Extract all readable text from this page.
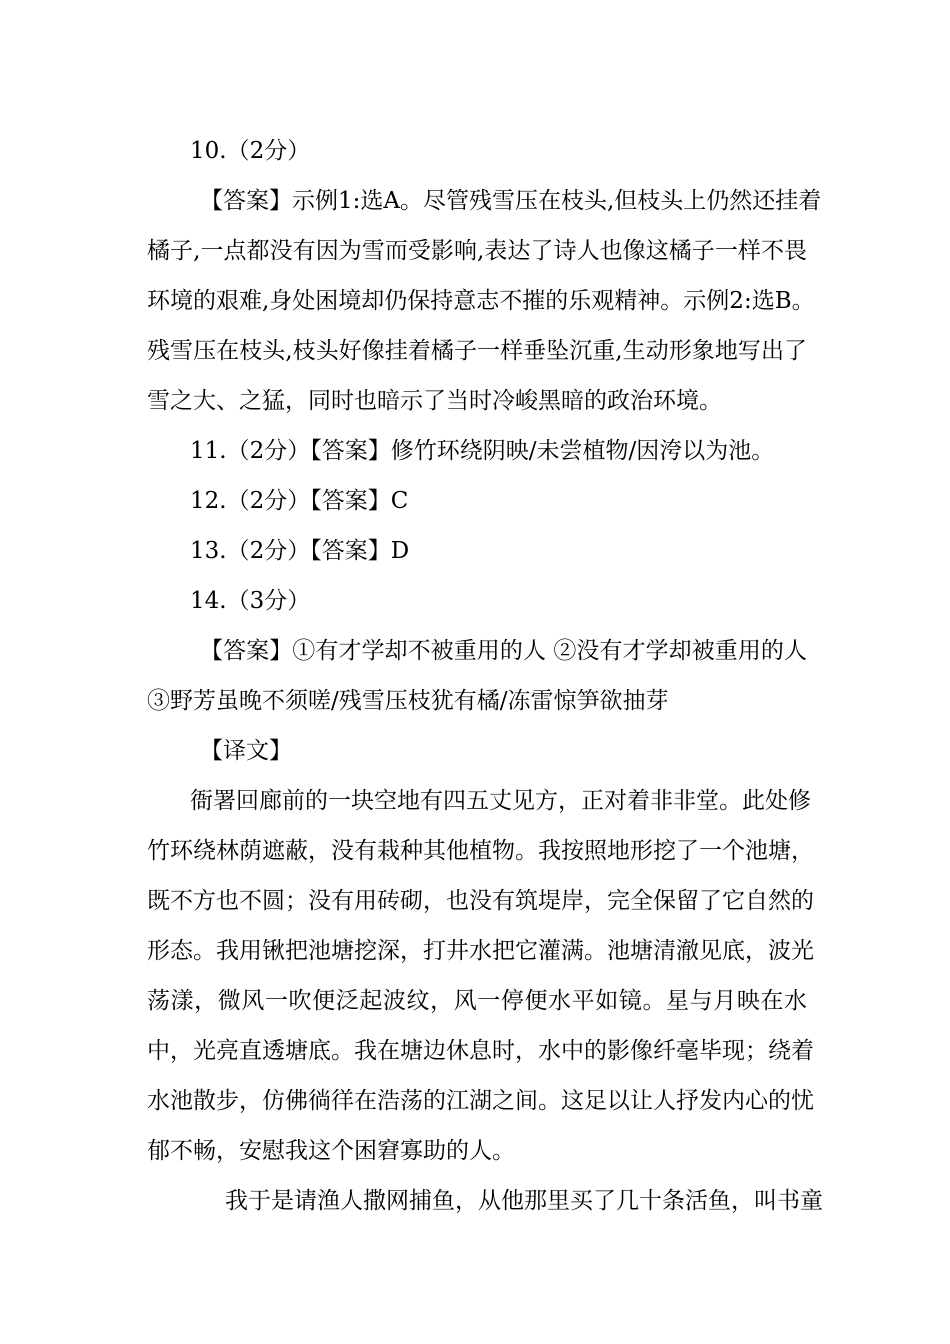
10.（2分）
【答案】示例1:选A。尽管残雪压在枝头,但枝头上仍然还挂着
橘子,一点都没有因为雪而受影响,表达了诗人也像这橘子一样不畏
环境的艰难,身处困境却仍保持意志不摧的乐观精神。示例2:选B。
残雪压在枝头,枝头好像挂着橘子一样垂坠沉重,生动形象地写出了
雪之大、之猛，同时也暗示了当时冷峻黑暗的政治环境。
11.（2分）【答案】修竹环绕阴映/未尝植物/因洿以为池。
12.（2分）【答案】C
13.（2分）【答案】D
14.（3分）
【答案】①有才学却不被重用的人 ②没有才学却被重用的人
③野芳虽晚不须嗟/残雪压枝犹有橘/冻雷惊笋欲抽芽
【译文】
衙署回廊前的一块空地有四五丈见方，正对着非非堂。此处修
竹环绕林荫遮蔽，没有栽种其他植物。我按照地形挖了一个池塘，
既不方也不圆；没有用砖砌，也没有筑堤岸，完全保留了它自然的
形态。我用锹把池塘挖深，打井水把它灌满。池塘清澈见底，波光
荡漾，微风一吹便泛起波纹，风一停便水平如镜。星与月映在水
中，光亮直透塘底。我在塘边休息时，水中的影像纤毫毕现；绕着
水池散步，仿佛徜徉在浩荡的江湖之间。这足以让人抒发内心的忧
郁不畅，安慰我这个困窘寡助的人。
我于是请渔人撒网捕鱼，从他那里买了几十条活鱼，叫书童
